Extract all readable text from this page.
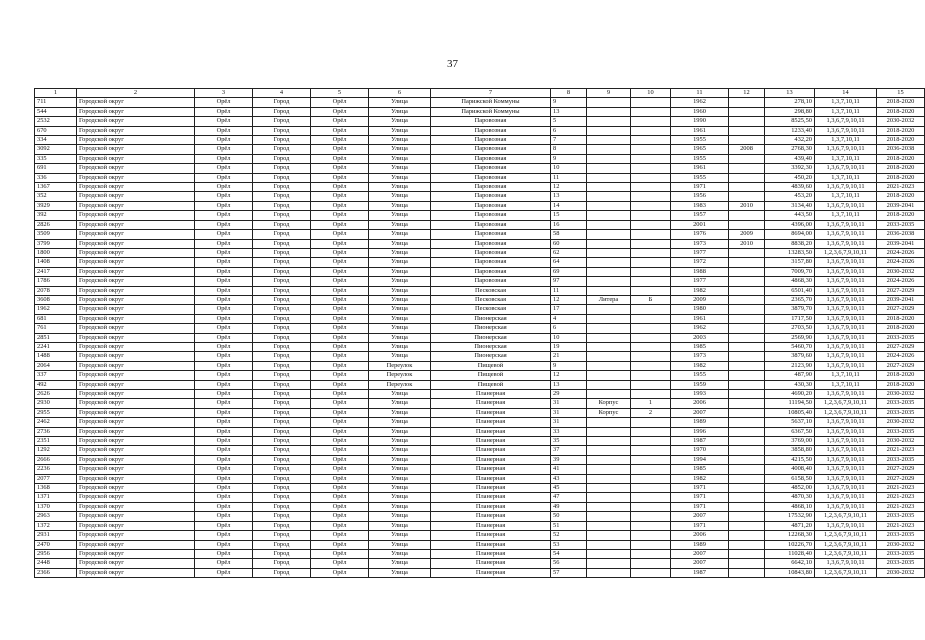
37
1	2	3	4	5	6	7	8	9	10	11	12	13	14	15
711	Городской округ	Орёл	Город	Орёл	Улица	Парижской Коммуны	9			1962		278,10	1,3,7,10,11	2018-2020
544	Городской округ	Орёл	Город	Орёл	Улица	Парижской Коммуны	13			1960		298,80	1,3,7,10,11	2018-2020
2532	Городской округ	Орёл	Город	Орёл	Улица	Паровозная	5			1990		8525,50	1,3,6,7,9,10,11	2030-2032
670	Городской округ	Орёл	Город	Орёл	Улица	Паровозная	6			1961		1233,40	1,3,6,7,9,10,11	2018-2020
334	Городской округ	Орёл	Город	Орёл	Улица	Паровозная	7			1955		432,20	1,3,7,10,11	2018-2020
3092	Городской округ	Орёл	Город	Орёл	Улица	Паровозная	8			1965	2008	2768,30	1,3,6,7,9,10,11	2036-2038
335	Городской округ	Орёл	Город	Орёл	Улица	Паровозная	9			1955		439,40	1,3,7,10,11	2018-2020
691	Городской округ	Орёл	Город	Орёл	Улица	Паровозная	10			1961		3392,30	1,3,6,7,9,10,11	2018-2020
336	Городской округ	Орёл	Город	Орёл	Улица	Паровозная	11			1955		450,20	1,3,7,10,11	2018-2020
1367	Городской округ	Орёл	Город	Орёл	Улица	Паровозная	12			1971		4839,60	1,3,6,7,9,10,11	2021-2023
352	Городской округ	Орёл	Город	Орёл	Улица	Паровозная	13			1956		453,20	1,3,7,10,11	2018-2020
3929	Городской округ	Орёл	Город	Орёл	Улица	Паровозная	14			1983	2010	3134,40	1,3,6,7,9,10,11	2039-2041
392	Городской округ	Орёл	Город	Орёл	Улица	Паровозная	15			1957		443,50	1,3,7,10,11	2018-2020
2826	Городской округ	Орёл	Город	Орёл	Улица	Паровозная	16			2001		4396,00	1,3,6,7,9,10,11	2033-2035
3509	Городской округ	Орёл	Город	Орёл	Улица	Паровозная	58			1976	2009	8694,00	1,3,6,7,9,10,11	2036-2038
3799	Городской округ	Орёл	Город	Орёл	Улица	Паровозная	60			1973	2010	8838,20	1,3,6,7,9,10,11	2039-2041
1800	Городской округ	Орёл	Город	Орёл	Улица	Паровозная	62			1977		13283,50	1,2,3,6,7,9,10,11	2024-2026
1408	Городской округ	Орёл	Город	Орёл	Улица	Паровозная	64			1972		3157,80	1,3,6,7,9,10,11	2024-2026
2417	Городской округ	Орёл	Город	Орёл	Улица	Паровозная	69			1988		7009,70	1,3,6,7,9,10,11	2030-2032
1786	Городской округ	Орёл	Город	Орёл	Улица	Паровозная	97			1977		4868,30	1,3,6,7,9,10,11	2024-2026
2078	Городской округ	Орёл	Город	Орёл	Улица	Песковская	11			1982		6501,40	1,3,6,7,9,10,11	2027-2029
3608	Городской округ	Орёл	Город	Орёл	Улица	Песковская	12	Литера	Б	2009		2365,70	1,3,6,7,9,10,11	2039-2041
1962	Городской округ	Орёл	Город	Орёл	Улица	Песковская	17			1980		3879,70	1,3,6,7,9,10,11	2027-2029
681	Городской округ	Орёл	Город	Орёл	Улица	Пионерская	4			1961		1717,50	1,3,6,7,9,10,11	2018-2020
761	Городской округ	Орёл	Город	Орёл	Улица	Пионерская	6			1962		2703,50	1,3,6,7,9,10,11	2018-2020
2851	Городской округ	Орёл	Город	Орёл	Улица	Пионерская	10			2003		2569,90	1,3,6,7,9,10,11	2033-2035
2241	Городской округ	Орёл	Город	Орёл	Улица	Пионерская	19			1985		5460,70	1,3,6,7,9,10,11	2027-2029
1488	Городской округ	Орёл	Город	Орёл	Улица	Пионерская	21			1973		3879,60	1,3,6,7,9,10,11	2024-2026
2064	Городской округ	Орёл	Город	Орёл	Переулок	Пищевой	9			1982		2123,90	1,3,6,7,9,10,11	2027-2029
337	Городской округ	Орёл	Город	Орёл	Переулок	Пищевой	12			1955		487,90	1,3,7,10,11	2018-2020
492	Городской округ	Орёл	Город	Орёл	Переулок	Пищевой	13			1959		430,30	1,3,7,10,11	2018-2020
2626	Городской округ	Орёл	Город	Орёл	Улица	Планерная	29			1993		4690,20	1,3,6,7,9,10,11	2030-2032
2930	Городской округ	Орёл	Город	Орёл	Улица	Планерная	31	Корпус	1	2006		11194,50	1,2,3,6,7,9,10,11	2033-2035
2955	Городской округ	Орёл	Город	Орёл	Улица	Планерная	31	Корпус	2	2007		10805,40	1,2,3,6,7,9,10,11	2033-2035
2462	Городской округ	Орёл	Город	Орёл	Улица	Планерная	31			1989		5637,10	1,3,6,7,9,10,11	2030-2032
2736	Городской округ	Орёл	Город	Орёл	Улица	Планерная	33			1996		6367,50	1,3,6,7,9,10,11	2033-2035
2351	Городской округ	Орёл	Город	Орёл	Улица	Планерная	35			1987		3769,00	1,3,6,7,9,10,11	2030-2032
1292	Городской округ	Орёл	Город	Орёл	Улица	Планерная	37			1970		3858,80	1,3,6,7,9,10,11	2021-2023
2666	Городской округ	Орёл	Город	Орёл	Улица	Планерная	39			1994		4215,50	1,3,6,7,9,10,11	2033-2035
2236	Городской округ	Орёл	Город	Орёл	Улица	Планерная	41			1985		4008,40	1,3,6,7,9,10,11	2027-2029
2077	Городской округ	Орёл	Город	Орёл	Улица	Планерная	43			1982		6158,50	1,3,6,7,9,10,11	2027-2029
1368	Городской округ	Орёл	Город	Орёл	Улица	Планерная	45			1971		4852,00	1,3,6,7,9,10,11	2021-2023
1371	Городской округ	Орёл	Город	Орёл	Улица	Планерная	47			1971		4870,30	1,3,6,7,9,10,11	2021-2023
1370	Городской округ	Орёл	Город	Орёл	Улица	Планерная	49			1971		4868,10	1,3,6,7,9,10,11	2021-2023
2963	Городской округ	Орёл	Город	Орёл	Улица	Планерная	50			2007		17532,90	1,2,3,6,7,9,10,11	2033-2035
1372	Городской округ	Орёл	Город	Орёл	Улица	Планерная	51			1971		4871,20	1,3,6,7,9,10,11	2021-2023
2931	Городской округ	Орёл	Город	Орёл	Улица	Планерная	52			2006		12268,30	1,2,3,6,7,9,10,11	2033-2035
2470	Городской округ	Орёл	Город	Орёл	Улица	Планерная	53			1989		10226,70	1,2,3,6,7,9,10,11	2030-2032
2956	Городской округ	Орёл	Город	Орёл	Улица	Планерная	54			2007		11028,40	1,2,3,6,7,9,10,11	2033-2035
2448	Городской округ	Орёл	Город	Орёл	Улица	Планерная	56			2007		6642,10	1,3,6,7,9,10,11	2033-2035
2366	Городской округ	Орёл	Город	Орёл	Улица	Планерная	57			1987		10843,80	1,2,3,6,7,9,10,11	2030-2032
